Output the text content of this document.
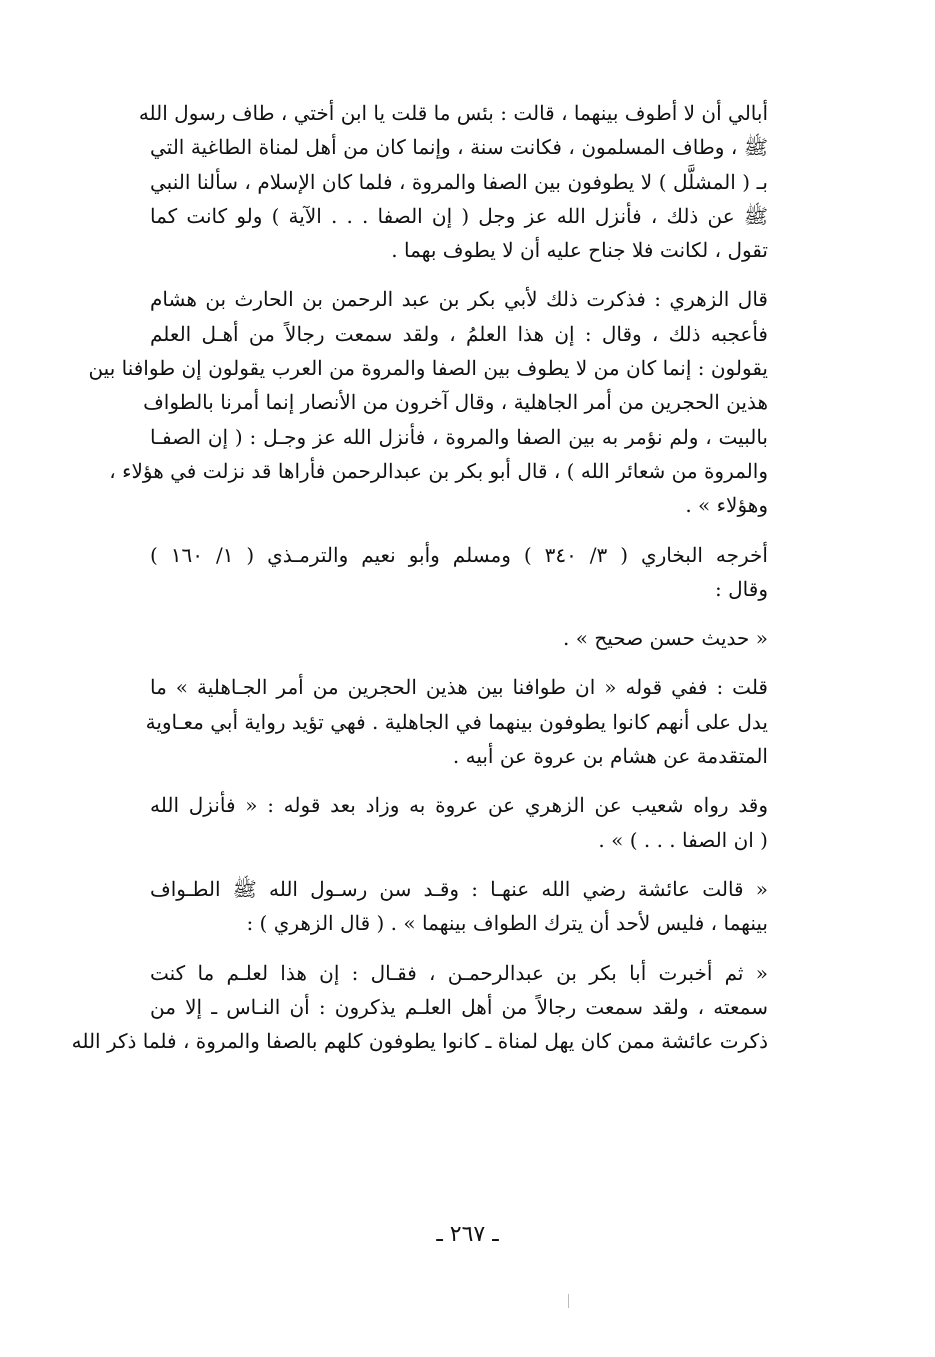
أبالي أن لا أطوف بينهما ، قالت : بئس ما قلت يا ابن أختي ، طاف رسول الله
ﷺ ، وطاف المسلمون ، فكانت سنة ، وإنما كان من أهل لمناة الطاغية التي
بـ ( المشلَّل ) لا يطوفون بين الصفا والمروة ، فلما كان الإسلام ، سألنا النبي
ﷺ عن ذلك ، فأنزل الله عز وجل ( إن الصفا . . . الآية ) ولو كانت كما
تقول ، لكانت فلا جناح عليه أن لا يطوف بهما .
قال الزهري : فذكرت ذلك لأبي بكر بن عبد الرحمن بن الحارث بن هشام
فأعجبه ذلك ، وقال : إن هذا العلمُ ، ولقد سمعت رجالاً من أهـل العلم
يقولون : إنما كان من لا يطوف بين الصفا والمروة من العرب يقولون إن طوافنا بين
هذين الحجرين من أمر الجاهلية ، وقال آخرون من الأنصار إنما أمرنا بالطواف
بالبيت ، ولم نؤمر به بين الصفا والمروة ، فأنزل الله عز وجـل : ( إن الصفـا
والمروة من شعائر الله ) ، قال أبو بكر بن عبدالرحمن فأراها قد نزلت في هؤلاء ،
وهؤلاء » .
أخرجه البخاري ( ٣/ ٣٤٠ ) ومسلم وأبو نعيم والترمـذي ( ١/ ١٦٠ )
وقال :
« حديث حسن صحيح » .
قلت : ففي قوله « ان طوافنا بين هذين الحجرين من أمر الجـاهلية » ما
يدل على أنهم كانوا يطوفون بينهما في الجاهلية . فهي تؤيد رواية أبي معـاوية
المتقدمة عن هشام بن عروة عن أبيه .
وقد رواه شعيب عن الزهري عن عروة به وزاد بعد قوله : « فأنزل الله
( ان الصفا . . . ) » .
« قالت عائشة رضي الله عنهـا : وقـد سن رسـول الله ﷺ الطـواف
بينهما ، فليس لأحد أن يترك الطواف بينهما » . ( قال الزهري ) :
« ثم أخبرت أبا بكر بن عبدالرحمـن ، فقـال : إن هذا لعلـم ما كنت
سمعته ، ولقد سمعت رجالاً من أهل العلـم يذكرون : أن النـاس ـ إلا من
ذكرت عائشة ممن كان يهل لمناة ـ كانوا يطوفون كلهم بالصفا والمروة ، فلما ذكر الله
ـ ٢٦٧ ـ
